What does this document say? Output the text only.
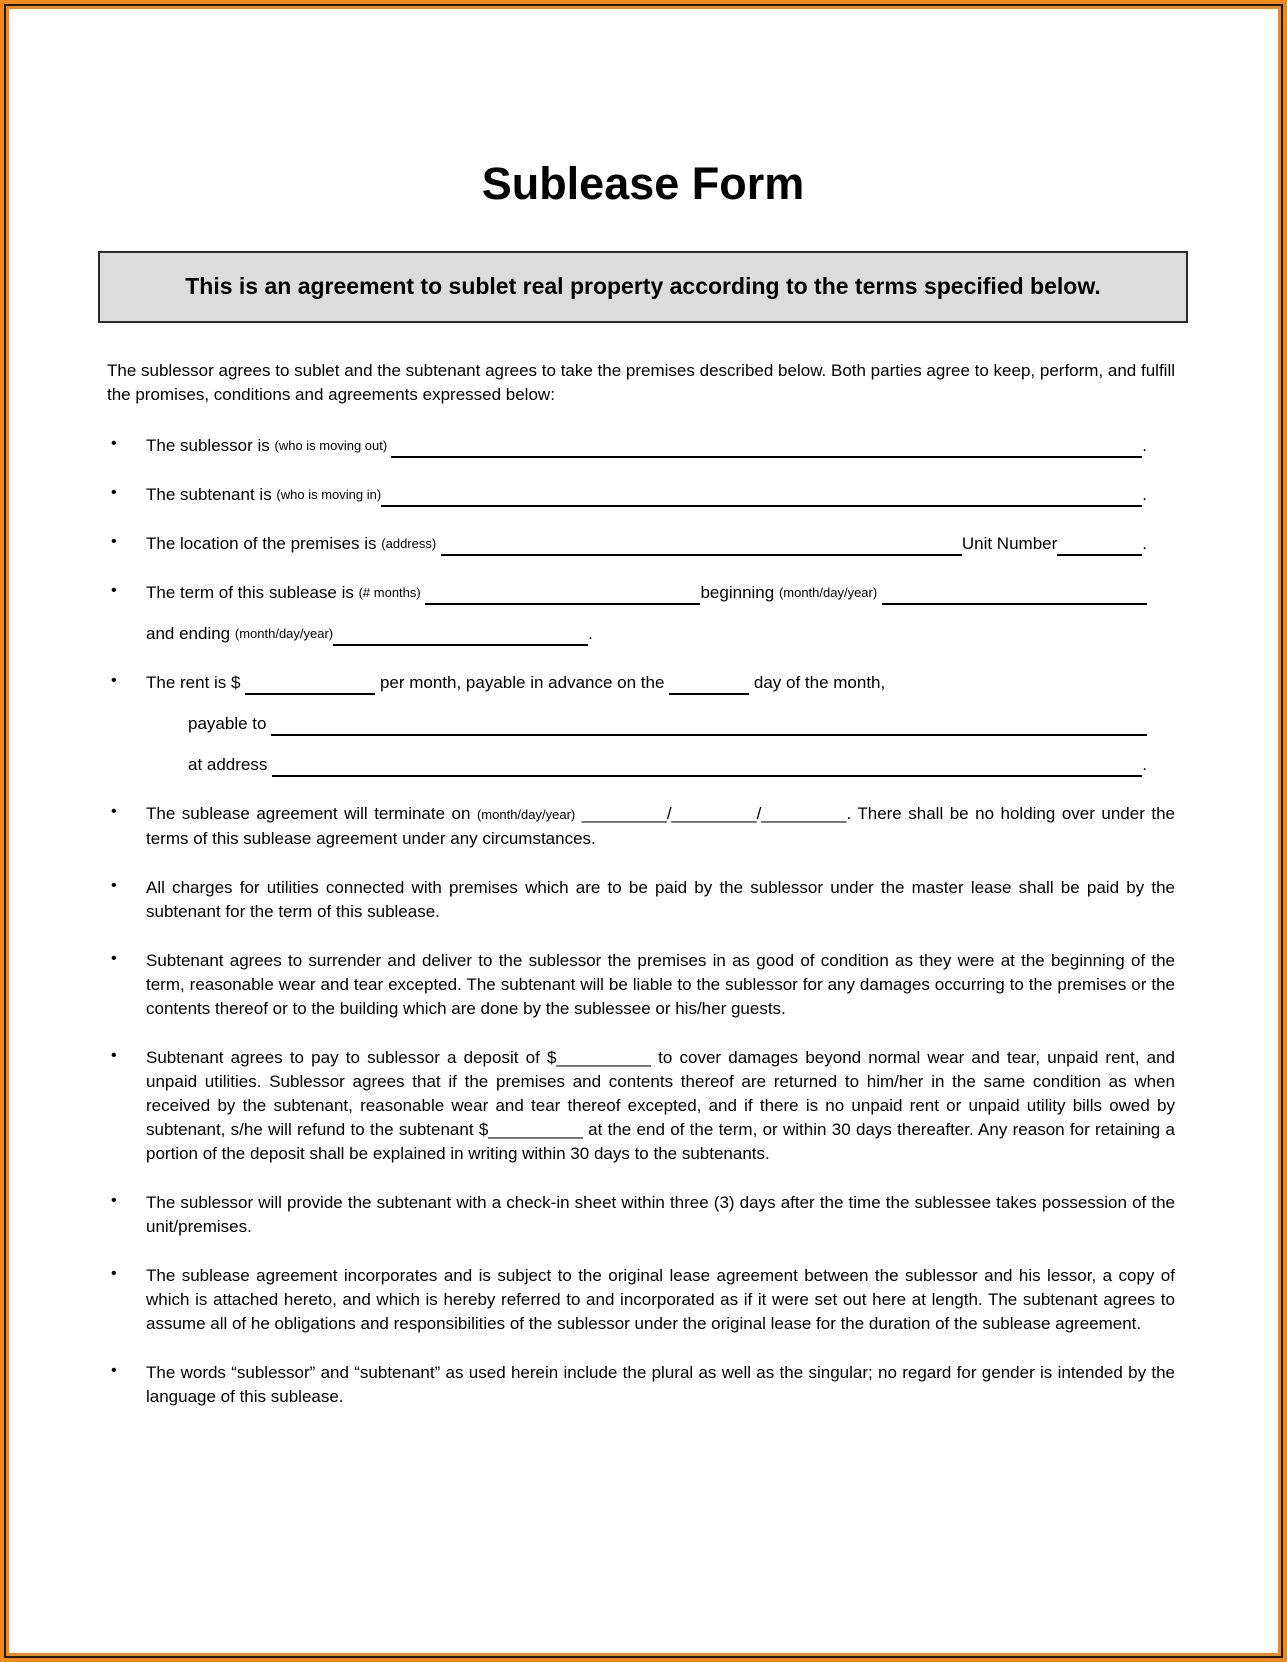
Sublease Form
This is an agreement to sublet real property according to the terms specified below.

The sublessor agrees to sublet and the subtenant agrees to take the premises described below. Both parties agree to keep, perform, and fulfill the promises, conditions and agreements expressed below:

• The sublessor is (who is moving out)	.
• The subtenant is (who is moving in)	.
• The location of the premises is (address)
	Unit Number	.
• The term of this sublease is (# months)
	beginning (month/day/year)

and ending (month/day/year)	.
• The rent is $	per month, payable in advance on the	day of the month,
payable to
at address	.
• The sublease agreement will terminate on (month/day/year) _________/_________/_________. There shall be no holding over under the terms of this sublease agreement under any circumstances.
• All charges for utilities connected with premises which are to be paid by the sublessor under the master lease shall be paid by the subtenant for the term of this sublease.
• Subtenant agrees to surrender and deliver to the sublessor the premises in as good of condition as they were at the beginning of the term, reasonable wear and tear excepted. The subtenant will be liable to the sublessor for any damages occurring to the premises or the contents thereof or to the building which are done by the sublessee or his/her guests.
• Subtenant agrees to pay to sublessor a deposit of $__________ to cover damages beyond normal wear and tear, unpaid rent, and unpaid utilities. Sublessor agrees that if the premises and contents thereof are returned to him/her in the same condition as when received by the subtenant, reasonable wear and tear thereof excepted, and if there is no unpaid rent or unpaid utility bills owed by subtenant, s/he will refund to the subtenant $__________ at the end of the term, or within 30 days thereafter. Any reason for retaining a portion of the deposit shall be explained in writing within 30 days to the subtenants.
• The sublessor will provide the subtenant with a check-in sheet within three (3) days after the time the sublessee takes possession of the unit/premises.
• The sublease agreement incorporates and is subject to the original lease agreement between the sublessor and his lessor, a copy of which is attached hereto, and which is hereby referred to and incorporated as if it were set out here at length. The subtenant agrees to assume all of he obligations and responsibilities of the sublessor under the original lease for the duration of the sublease agreement.
• The words “sublessor” and “subtenant” as used herein include the plural as well as the singular; no regard for gender is intended by the language of this sublease.
